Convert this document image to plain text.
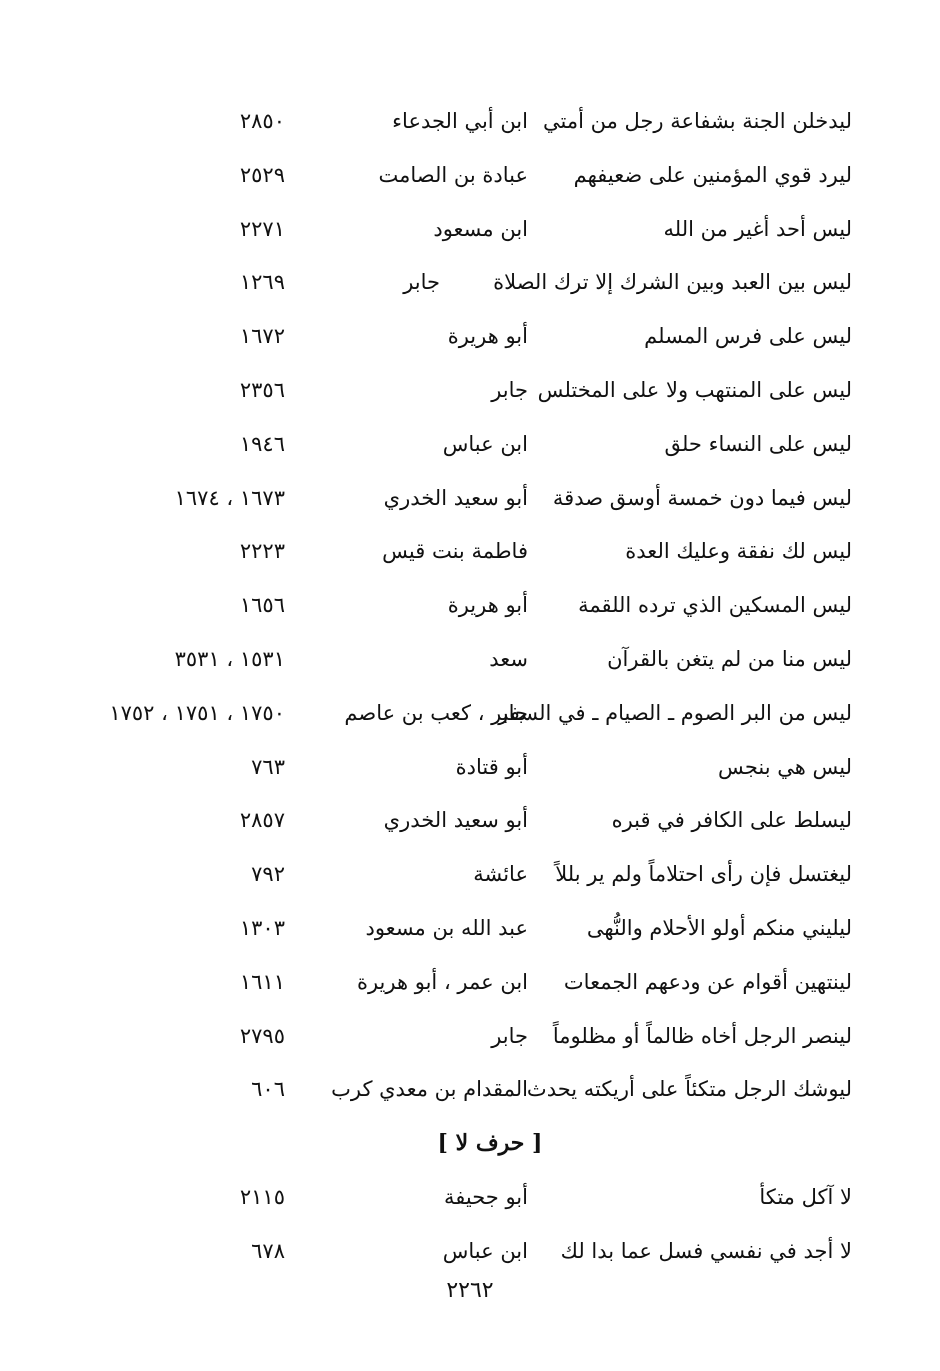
ليدخلن الجنة بشفاعة رجل من أمتي
ابن أبي الجدعاء
٢٨٥٠
ليرد قوي المؤمنين على ضعيفهم
عبادة بن الصامت
٢٥٢٩
ليس أحد أغير من الله
ابن مسعود
٢٢٧١
ليس بين العبد وبين الشرك إلا ترك الصلاة
جابر
١٢٦٩
ليس على فرس المسلم
أبو هريرة
١٦٧٢
ليس على المنتهب ولا على المختلس
جابر
٢٣٥٦
ليس على النساء حلق
ابن عباس
١٩٤٦
ليس فيما دون خمسة أوسق صدقة
أبو سعيد الخدري
١٦٧٣ ، ١٦٧٤
ليس لك نفقة وعليك العدة
فاطمة بنت قيس
٢٢٢٣
ليس المسكين الذي ترده اللقمة
أبو هريرة
١٦٥٦
ليس منا من لم يتغن بالقرآن
سعد
١٥٣١ ، ٣٥٣١
ليس من البر الصوم ـ الصيام ـ في السفر
جابر ، كعب بن عاصم
١٧٥٠ ، ١٧٥١ ، ١٧٥٢
ليس هي بنجس
أبو قتادة
٧٦٣
ليسلط على الكافر في قبره
أبو سعيد الخدري
٢٨٥٧
ليغتسل فإن رأى احتلاماً ولم ير بللاً
عائشة
٧٩٢
ليليني منكم أولو الأحلام والنُّهى
عبد الله بن مسعود
١٣٠٣
لينتهين أقوام عن ودعهم الجمعات
ابن عمر ، أبو هريرة
١٦١١
لينصر الرجل أخاه ظالماً أو مظلوماً
جابر
٢٧٩٥
ليوشك الرجل متكئاً على أريكته يحدث
المقدام بن معدي كرب
٦٠٦
[ حرف لا ]
لا آكل متكأ
أبو جحيفة
٢١١٥
لا أجد في نفسي فسل عما بدا لك
ابن عباس
٦٧٨
٢٢٦٢
